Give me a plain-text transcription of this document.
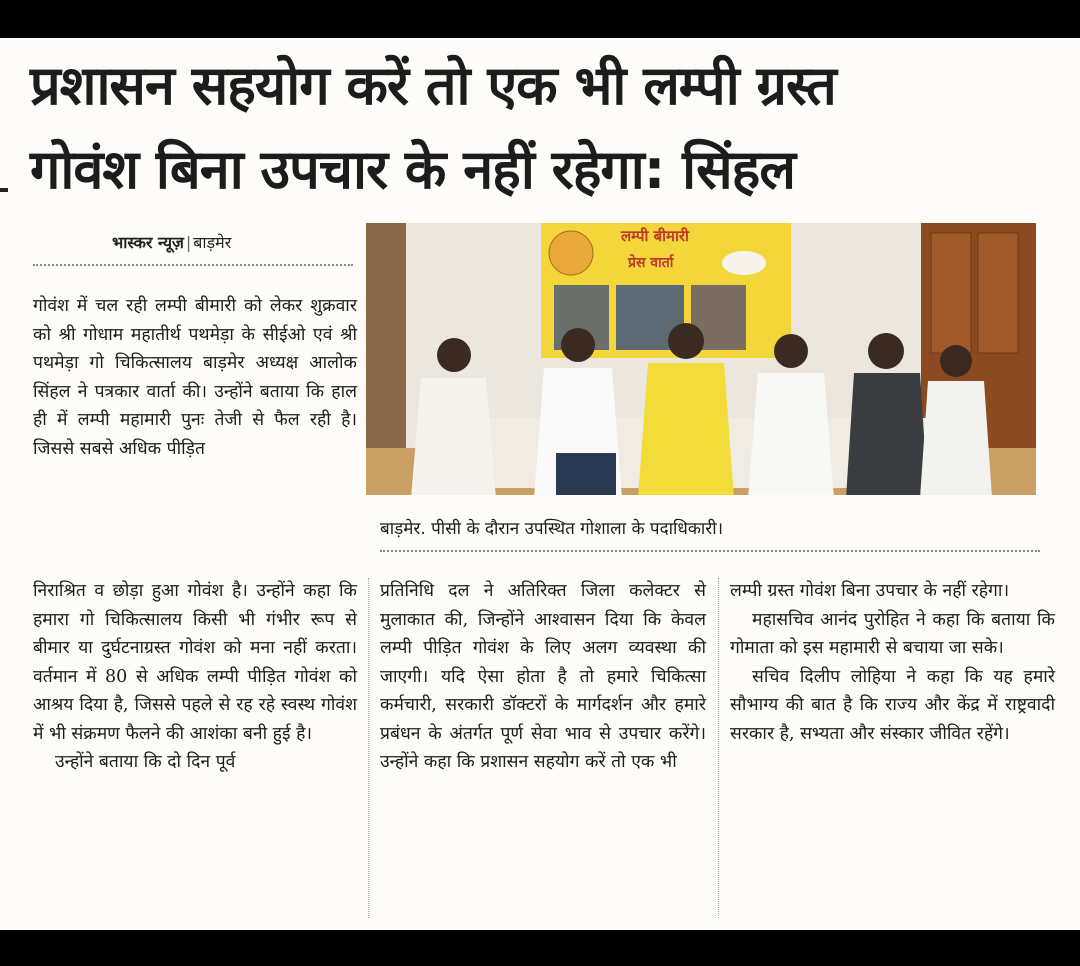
प्रशासन सहयोग करें तो एक भी लम्पी ग्रस्त
गोवंश बिना उपचार के नहीं रहेगा: सिंहल
भास्कर न्यूज़ | बाड़मेर

गोवंश में चल रही लम्पी बीमारी को लेकर शुक्रवार को श्री गोधाम महातीर्थ पथमेड़ा के सीईओ एवं श्री पथमेड़ा गो चिकित्सालय बाड़मेर अध्यक्ष आलोक सिंहल ने पत्रकार वार्ता की। उन्होंने बताया कि हाल ही में लम्पी महामारी पुनः तेजी से फैल रही है। जिससे सबसे अधिक पीड़ित

लम्पी बीमारी
प्रेस वार्ता
बाड़मेर. पीसी के दौरान उपस्थित गोशाला के पदाधिकारी।

निराश्रित व छोड़ा हुआ गोवंश है। उन्होंने कहा कि हमारा गो चिकित्सालय किसी भी गंभीर रूप से बीमार या दुर्घटनाग्रस्त गोवंश को मना नहीं करता। वर्तमान में 80 से अधिक लम्पी पीड़ित गोवंश को आश्रय दिया है, जिससे पहले से रह रहे स्वस्थ गोवंश में भी संक्रमण फैलने की आशंका बनी हुई है।

उन्होंने बताया कि दो दिन पूर्व

प्रतिनिधि दल ने अतिरिक्त जिला कलेक्टर से मुलाकात की, जिन्होंने आश्वासन दिया कि केवल लम्पी पीड़ित गोवंश के लिए अलग व्यवस्था की जाएगी। यदि ऐसा होता है तो हमारे चिकित्सा कर्मचारी, सरकारी डॉक्टरों के मार्गदर्शन और हमारे प्रबंधन के अंतर्गत पूर्ण सेवा भाव से उपचार करेंगे। उन्होंने कहा कि प्रशासन सहयोग करें तो एक भी

लम्पी ग्रस्त गोवंश बिना उपचार के नहीं रहेगा।

महासचिव आनंद पुरोहित ने कहा कि बताया कि गोमाता को इस महामारी से बचाया जा सके।

सचिव दिलीप लोहिया ने कहा कि यह हमारे सौभाग्य की बात है कि राज्य और केंद्र में राष्ट्रवादी सरकार है, सभ्यता और संस्कार जीवित रहेंगे।
